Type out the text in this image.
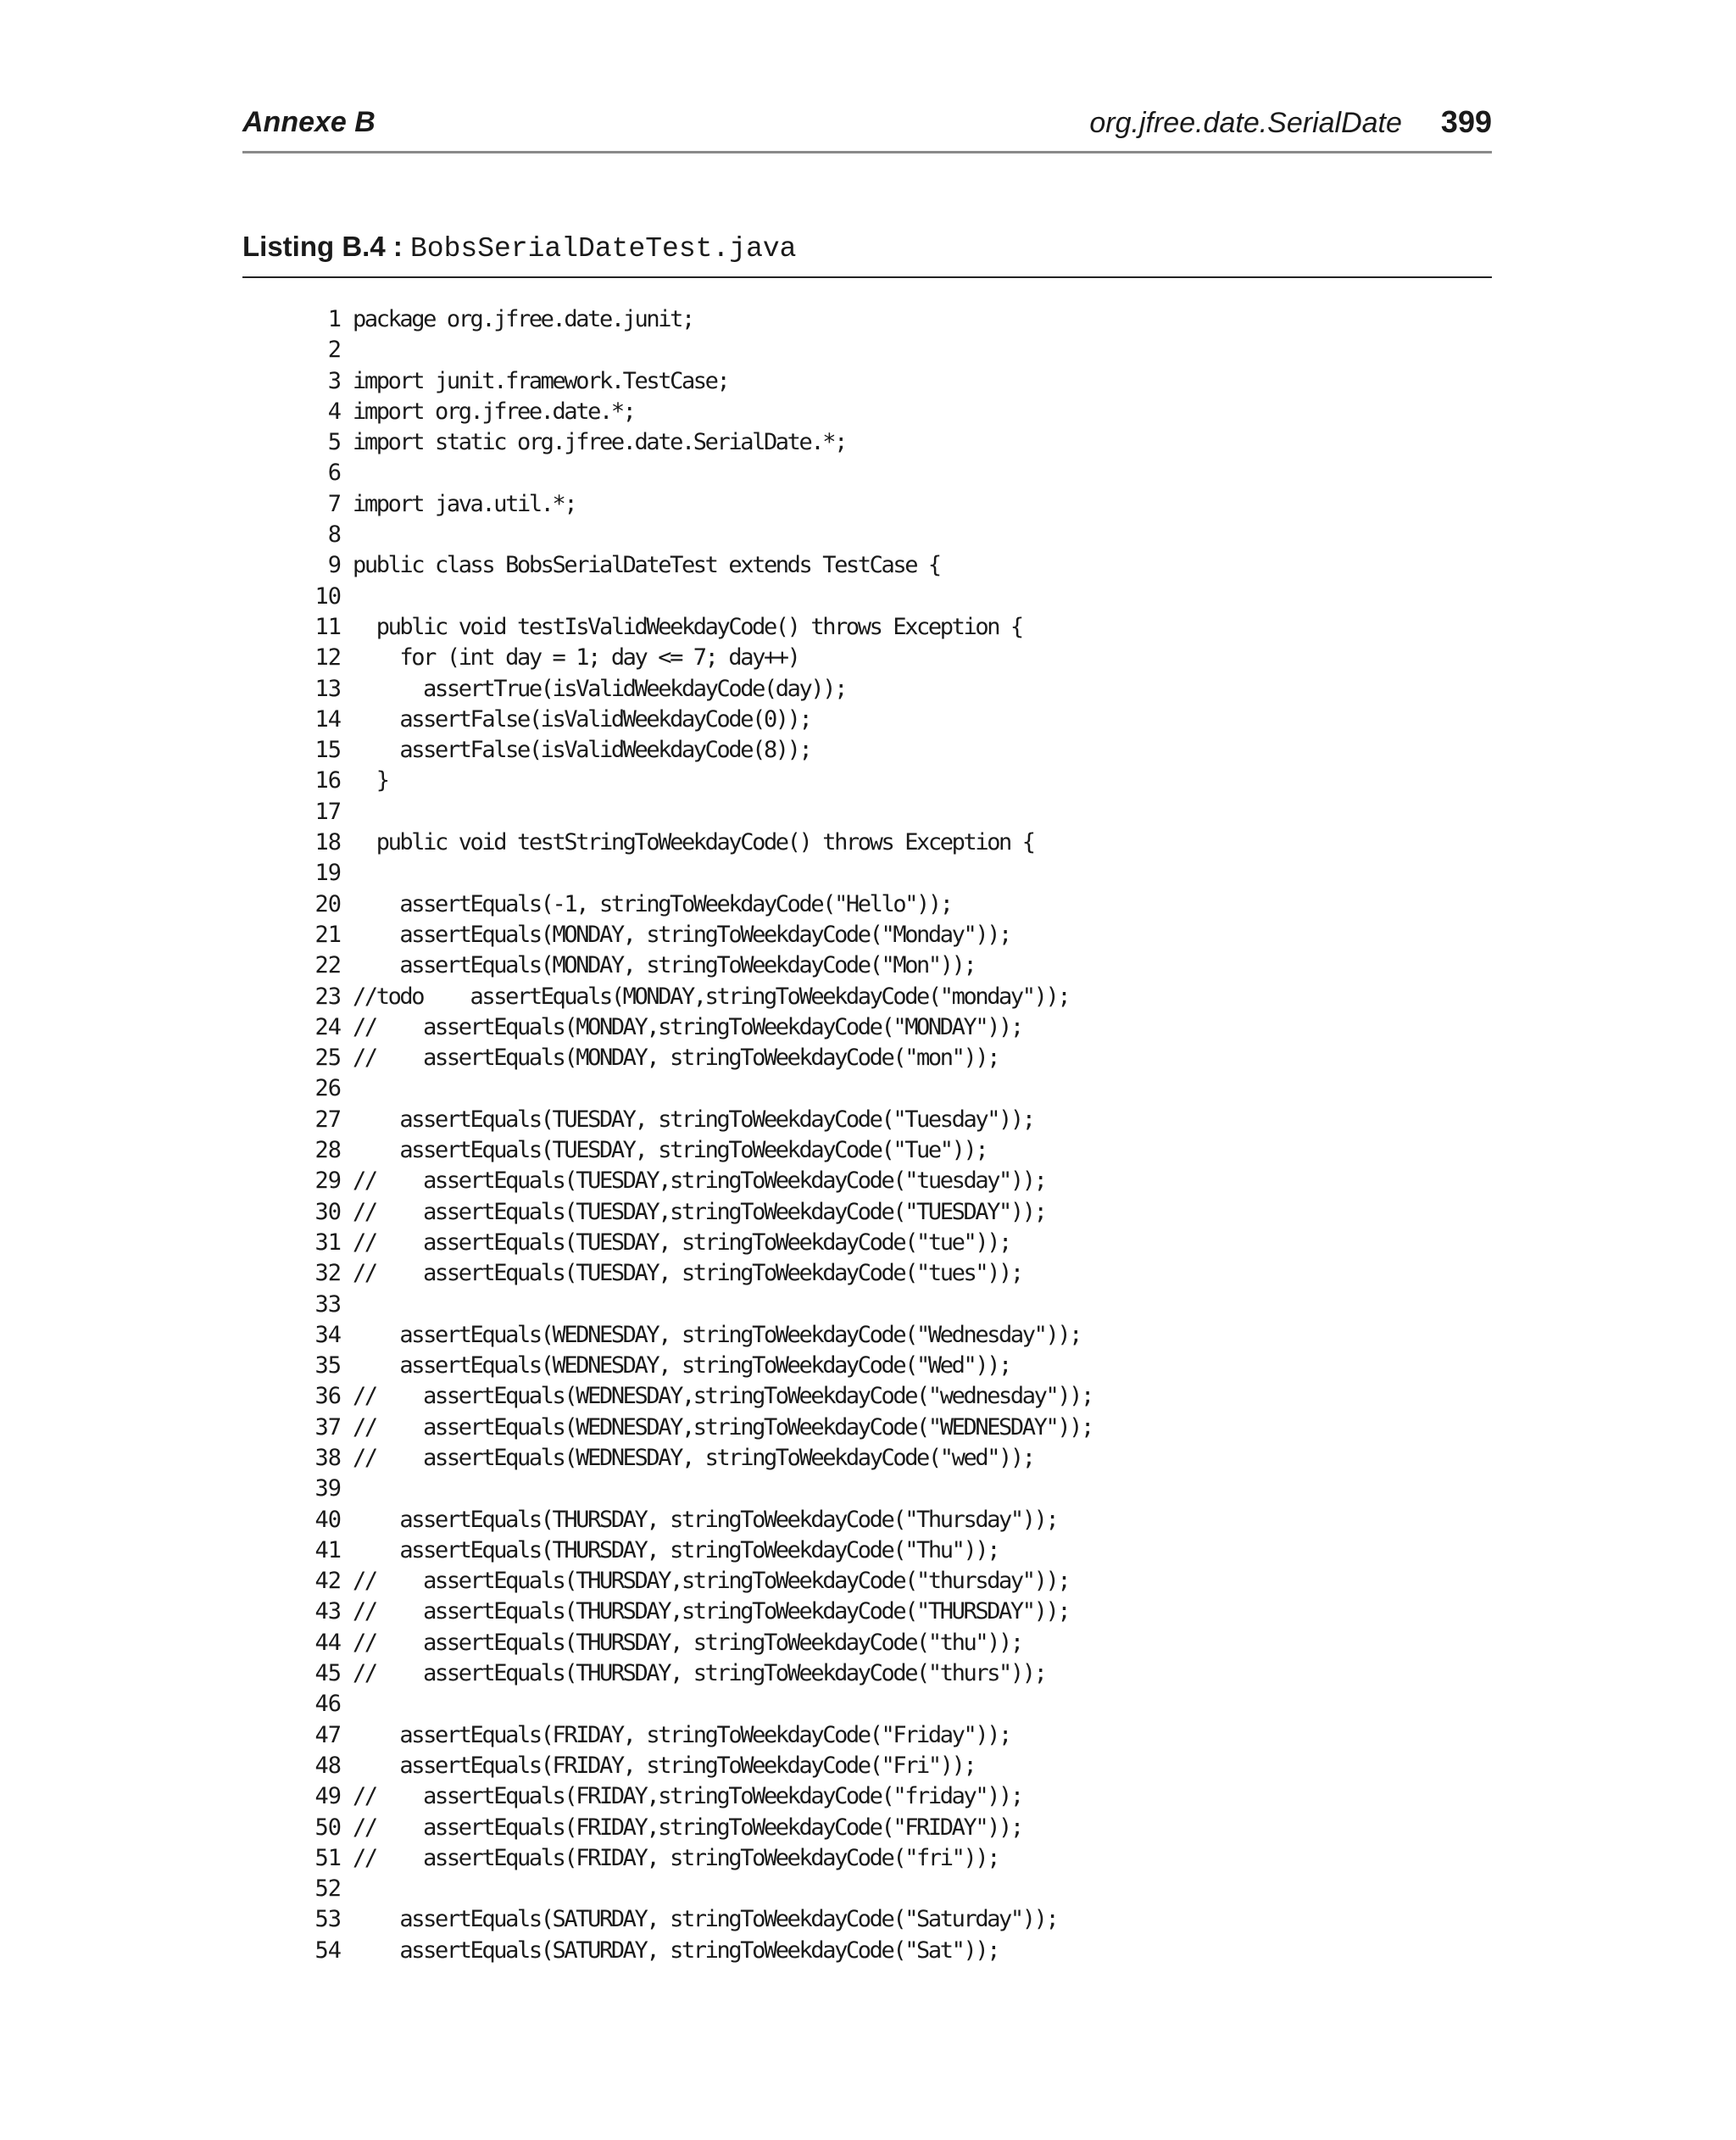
Annexe B	org.jfree.date.SerialDate 399
Listing B.4 : BobsSerialDateTest.java
1 package org.jfree.date.junit;
2
3 import junit.framework.TestCase;
4 import org.jfree.date.*;
5 import static org.jfree.date.SerialDate.*;
6
7 import java.util.*;
8
9 public class BobsSerialDateTest extends TestCase {
10
11 public void testIsValidWeekdayCode() throws Exception {
12 for (int day = 1; day <= 7; day++)
13 assertTrue(isValidWeekdayCode(day));
14 assertFalse(isValidWeekdayCode(0));
15 assertFalse(isValidWeekdayCode(8));
16 }
17
18 public void testStringToWeekdayCode() throws Exception {
19
20 assertEquals(-1, stringToWeekdayCode("Hello"));
21 assertEquals(MONDAY, stringToWeekdayCode("Monday"));
22 assertEquals(MONDAY, stringToWeekdayCode("Mon"));
23 //todo    assertEquals(MONDAY,stringToWeekdayCode("monday"));
24 //    assertEquals(MONDAY,stringToWeekdayCode("MONDAY"));
25 //    assertEquals(MONDAY, stringToWeekdayCode("mon"));
26
27 assertEquals(TUESDAY, stringToWeekdayCode("Tuesday"));
28 assertEquals(TUESDAY, stringToWeekdayCode("Tue"));
29 //    assertEquals(TUESDAY,stringToWeekdayCode("tuesday"));
30 //    assertEquals(TUESDAY,stringToWeekdayCode("TUESDAY"));
31 //    assertEquals(TUESDAY, stringToWeekdayCode("tue"));
32 //    assertEquals(TUESDAY, stringToWeekdayCode("tues"));
33
34 assertEquals(WEDNESDAY, stringToWeekdayCode("Wednesday"));
35 assertEquals(WEDNESDAY, stringToWeekdayCode("Wed"));
36 //    assertEquals(WEDNESDAY,stringToWeekdayCode("wednesday"));
37 //    assertEquals(WEDNESDAY,stringToWeekdayCode("WEDNESDAY"));
38 //    assertEquals(WEDNESDAY, stringToWeekdayCode("wed"));
39
40 assertEquals(THURSDAY, stringToWeekdayCode("Thursday"));
41 assertEquals(THURSDAY, stringToWeekdayCode("Thu"));
42 //    assertEquals(THURSDAY,stringToWeekdayCode("thursday"));
43 //    assertEquals(THURSDAY,stringToWeekdayCode("THURSDAY"));
44 //    assertEquals(THURSDAY, stringToWeekdayCode("thu"));
45 //    assertEquals(THURSDAY, stringToWeekdayCode("thurs"));
46
47 assertEquals(FRIDAY, stringToWeekdayCode("Friday"));
48 assertEquals(FRIDAY, stringToWeekdayCode("Fri"));
49 //    assertEquals(FRIDAY,stringToWeekdayCode("friday"));
50 //    assertEquals(FRIDAY,stringToWeekdayCode("FRIDAY"));
51 //    assertEquals(FRIDAY, stringToWeekdayCode("fri"));
52
53 assertEquals(SATURDAY, stringToWeekdayCode("Saturday"));
54 assertEquals(SATURDAY, stringToWeekdayCode("Sat"));
